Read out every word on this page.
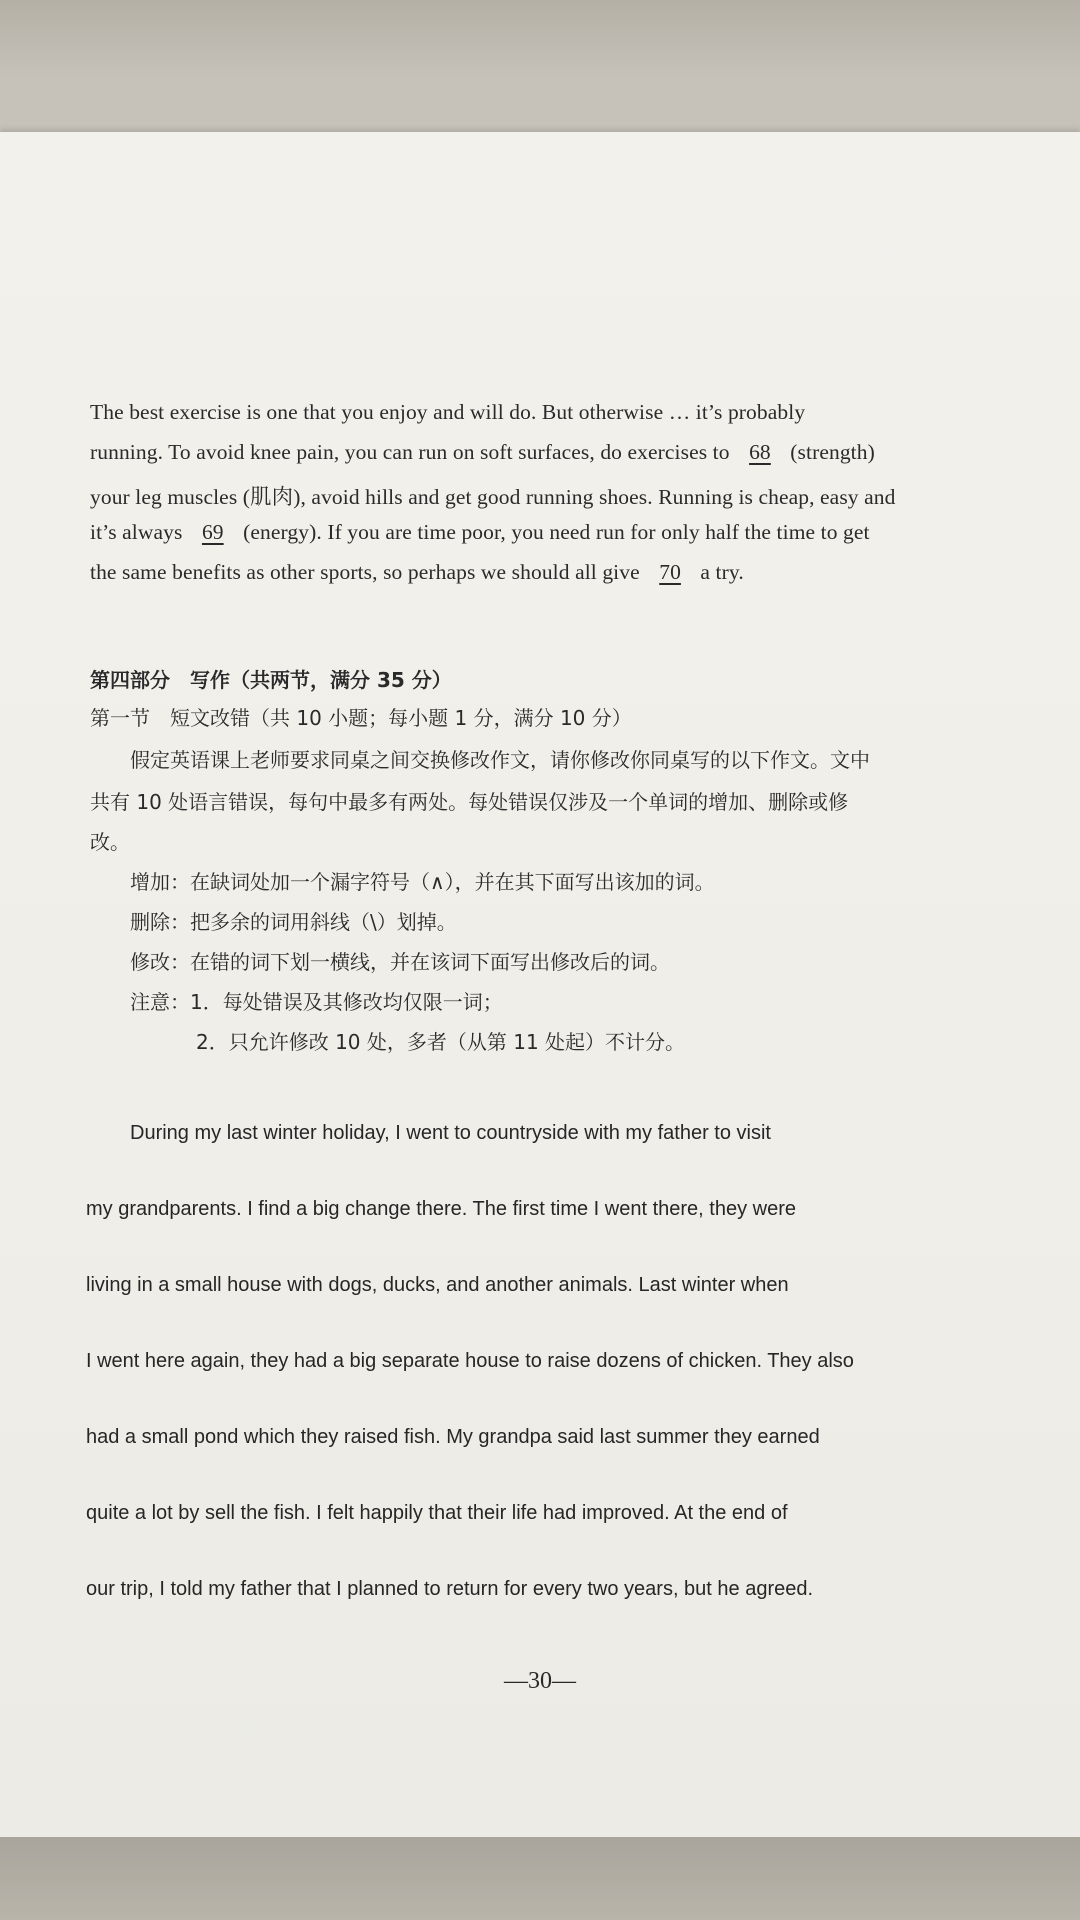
The best exercise is one that you enjoy and will do. But otherwise … it’s probably
running. To avoid knee pain, you can run on soft surfaces, do exercises to 68 (strength)
your leg muscles (肌肉), avoid hills and get good running shoes. Running is cheap, easy and
it’s always 69 (energy). If you are time poor, you need run for only half the time to get
the same benefits as other sports, so perhaps we should all give 70 a try.
第四部分　写作（共两节，满分 35 分）
第一节　短文改错（共 10 小题；每小题 1 分，满分 10 分）
假定英语课上老师要求同桌之间交换修改作文，请你修改你同桌写的以下作文。文中
共有 10 处语言错误，每句中最多有两处。每处错误仅涉及一个单词的增加、删除或修
改。
增加：在缺词处加一个漏字符号（∧），并在其下面写出该加的词。
删除：把多余的词用斜线（\）划掉。
修改：在错的词下划一横线，并在该词下面写出修改后的词。
注意：1．每处错误及其修改均仅限一词；
2．只允许修改 10 处，多者（从第 11 处起）不计分。
During my last winter holiday, I went to countryside with my father to visit
my grandparents. I find a big change there. The first time I went there, they were
living in a small house with dogs, ducks, and another animals. Last winter when
I went here again, they had a big separate house to raise dozens of chicken. They also
had a small pond which they raised fish. My grandpa said last summer they earned
quite a lot by sell the fish. I felt happily that their life had improved. At the end of
our trip, I told my father that I planned to return for every two years, but he agreed.
—30—
